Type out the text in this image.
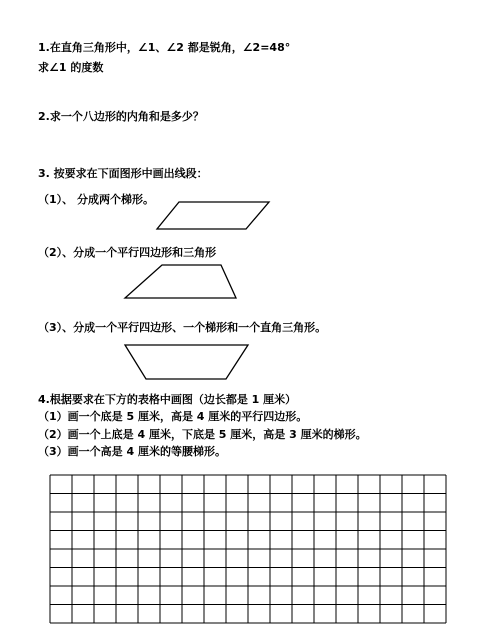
1.在直角三角形中，∠1、∠2 都是锐角，∠2=48°
求∠1 的度数
2.求一个八边形的内角和是多少？
3. 按要求在下面图形中画出线段：
（1）、 分成两个梯形。
（2）、分成一个平行四边形和三角形
（3）、分成一个平行四边形、一个梯形和一个直角三角形。
4.根据要求在下方的表格中画图（边长都是 1 厘米）
（1）画一个底是 5 厘米，高是 4 厘米的平行四边形。
（2）画一个上底是 4 厘米，下底是 5 厘米，高是 3 厘米的梯形。
（3）画一个高是 4 厘米的等腰梯形。
